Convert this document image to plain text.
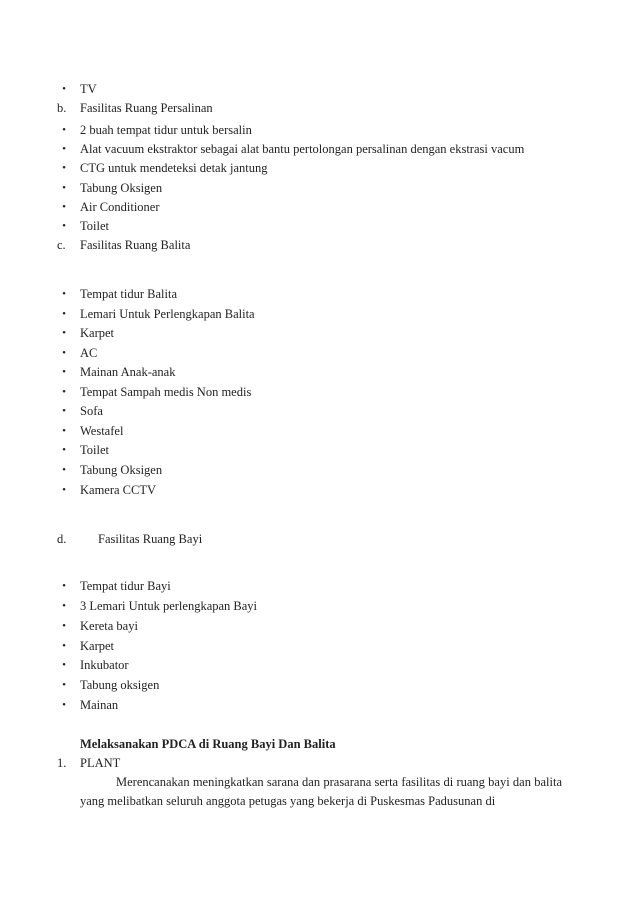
• TV
b. Fasilitas Ruang Persalinan
• 2 buah tempat tidur untuk bersalin
• Alat vacuum ekstraktor sebagai alat bantu pertolongan persalinan dengan ekstrasi vacum
• CTG untuk mendeteksi detak jantung
• Tabung Oksigen
• Air Conditioner
• Toilet
c. Fasilitas Ruang Balita
• Tempat tidur Balita
• Lemari Untuk Perlengkapan Balita
• Karpet
• AC
• Mainan Anak-anak
• Tempat Sampah medis Non medis
• Sofa
• Westafel
• Toilet
• Tabung Oksigen
• Kamera CCTV
d.	Fasilitas Ruang Bayi
• Tempat tidur Bayi
• 3 Lemari Untuk perlengkapan Bayi
• Kereta bayi
• Karpet
• Inkubator
• Tabung oksigen
• Mainan
Melaksanakan PDCA di Ruang Bayi Dan Balita
1. PLANT
Merencanakan meningkatkan sarana dan prasarana serta fasilitas di ruang bayi dan balita yang melibatkan seluruh anggota petugas yang bekerja di Puskesmas Padusunan di
